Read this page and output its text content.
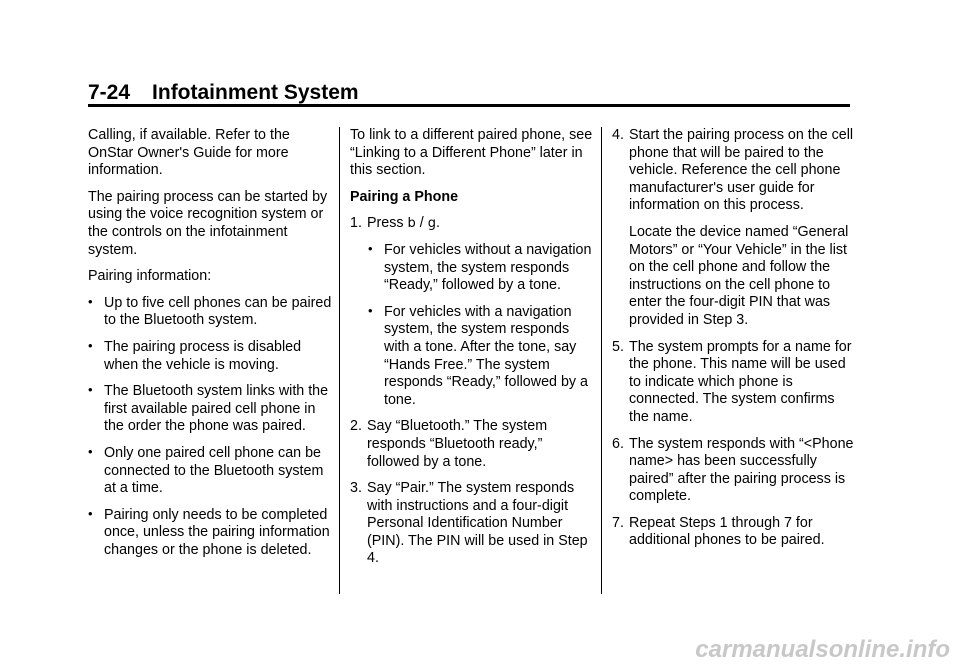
7-24 Infotainment System

Calling, if available. Refer to the OnStar Owner's Guide for more information.

The pairing process can be started by using the voice recognition system or the controls on the infotainment system.

Pairing information:

• Up to five cell phones can be paired to the Bluetooth system.
• The pairing process is disabled when the vehicle is moving.
• The Bluetooth system links with the first available paired cell phone in the order the phone was paired.
• Only one paired cell phone can be connected to the Bluetooth system at a time.
• Pairing only needs to be completed once, unless the pairing information changes or the phone is deleted.

To link to a different paired phone, see “Linking to a Different Phone” later in this section.

Pairing a Phone

1. Press b / g.
• For vehicles without a navigation system, the system responds “Ready,” followed by a tone.
• For vehicles with a navigation system, the system responds with a tone. After the tone, say “Hands Free.” The system responds “Ready,” followed by a tone.
2. Say “Bluetooth.” The system responds “Bluetooth ready,” followed by a tone.
3. Say “Pair.” The system responds with instructions and a four-digit Personal Identification Number (PIN). The PIN will be used in Step 4.
4. Start the pairing process on the cell phone that will be paired to the vehicle. Reference the cell phone manufacturer's user guide for information on this process.
Locate the device named “General Motors” or “Your Vehicle” in the list on the cell phone and follow the instructions on the cell phone to enter the four-digit PIN that was provided in Step 3.
5. The system prompts for a name for the phone. This name will be used to indicate which phone is connected. The system confirms the name.
6. The system responds with “<Phone name> has been successfully paired” after the pairing process is complete.
7. Repeat Steps 1 through 7 for additional phones to be paired.
carmanualsonline.info
